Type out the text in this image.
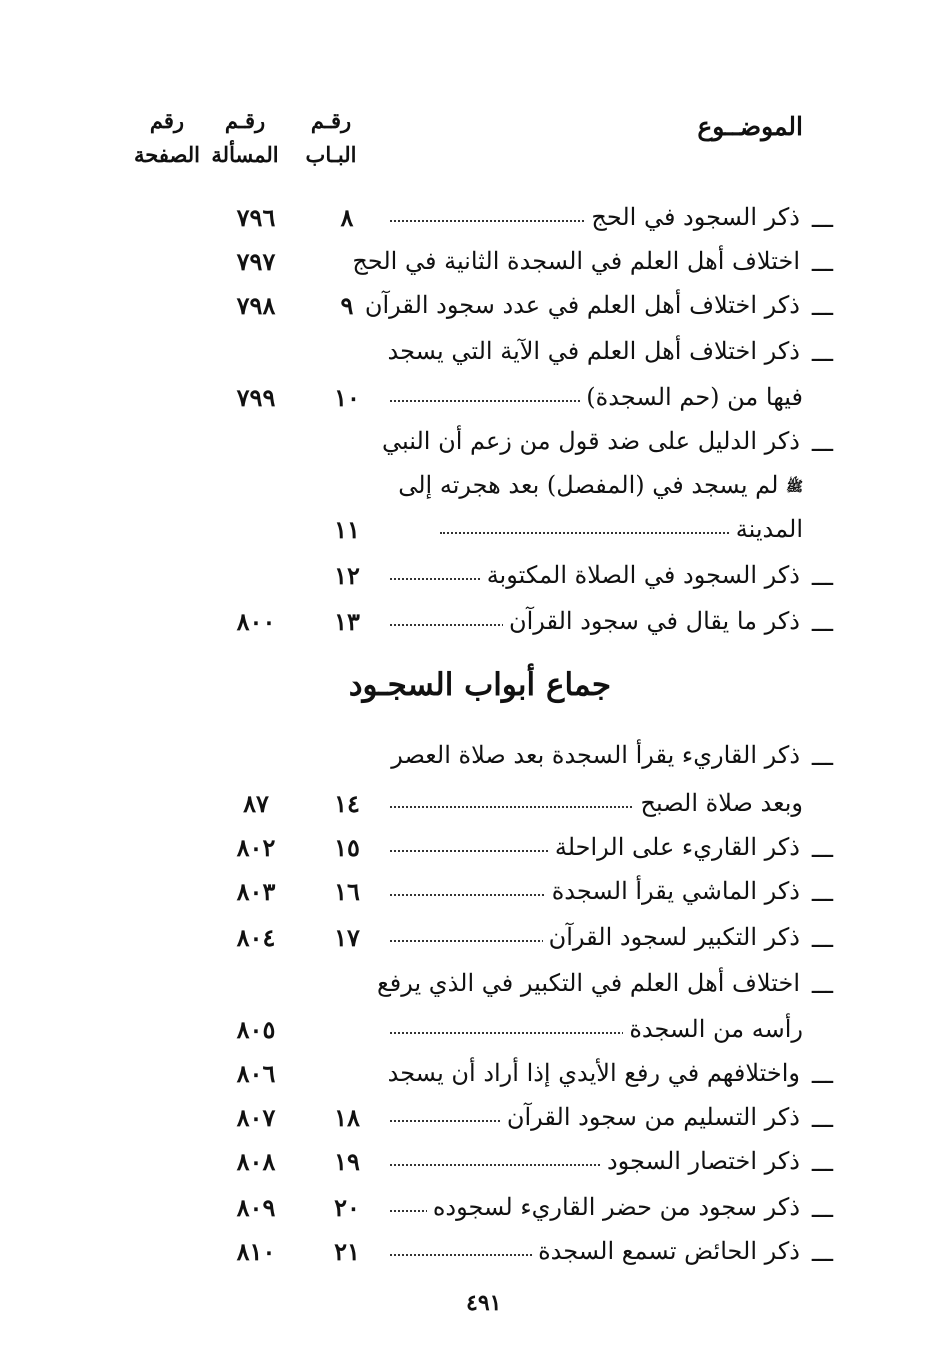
الموضــوع
رقـم
البـاب
رقـم
المسألة
رقم
الصفحة
ـــ
ذكر السجود في الحج
٨
٧٩٦
ـــ
اختلاف أهل العلم في السجدة الثانية في الحج
٧٩٧
ـــ
ذكر اختلاف أهل العلم في عدد سجود القرآن
٩
٧٩٨
ـــ
ذكر اختلاف أهل العلم في الآية التي يسجد
فيها من (حم السجدة)
١٠
٧٩٩
ـــ
ذكر الدليل على ضد قول من زعم أن النبي
ﷺ لم يسجد في (المفصل) بعد هجرته إلى
المدينة
١١
ـــ
ذكر السجود في الصلاة المكتوبة
١٢
ـــ
ذكر ما يقال في سجود القرآن
١٣
٨٠٠
جماع أبواب السجـود
ـــ
ذكر القاريء يقرأ السجدة بعد صلاة العصر
وبعد صلاة الصبح
١٤
٨٧
ـــ
ذكر القاريء على الراحلة
١٥
٨٠٢
ـــ
ذكر الماشي يقرأ السجدة
١٦
٨٠٣
ـــ
ذكر التكبير لسجود القرآن
١٧
٨٠٤
ـــ
اختلاف أهل العلم في التكبير في الذي يرفع
رأسه من السجدة
٨٠٥
ـــ
واختلافهم في رفع الأيدي إذا أراد أن يسجد
٨٠٦
ـــ
ذكر التسليم من سجود القرآن
١٨
٨٠٧
ـــ
ذكر اختصار السجود
١٩
٨٠٨
ـــ
ذكر سجود من حضر القاريء لسجوده
٢٠
٨٠٩
ـــ
ذكر الحائض تسمع السجدة
٢١
٨١٠
٤٩١
